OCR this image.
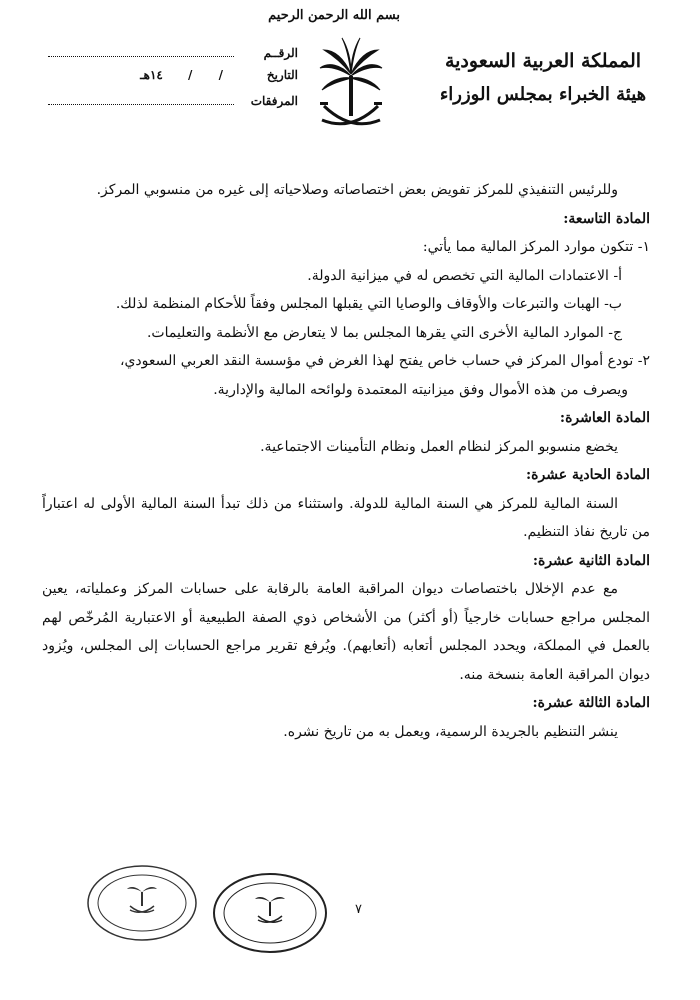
بسم الله الرحمن الرحيم
المملكة العربية السعودية
هيئة الخبراء بمجلس الوزراء
الرقــم
التاريخ
/ / ١٤هـ
المرفقات

وللرئيس التنفيذي للمركز تفويض بعض اختصاصاته وصلاحياته إلى غيره من منسوبي المركز.

المادة التاسعة:

١- تتكون موارد المركز المالية مما يأتي:

أ- الاعتمادات المالية التي تخصص له في ميزانية الدولة.

ب- الهبات والتبرعات والأوقاف والوصايا التي يقبلها المجلس وفقاً للأحكام المنظمة لذلك.

ج- الموارد المالية الأخرى التي يقرها المجلس بما لا يتعارض مع الأنظمة والتعليمات.

٢- تودع أموال المركز في حساب خاص يفتح لهذا الغرض في مؤسسة النقد العربي السعودي،

ويصرف من هذه الأموال وفق ميزانيته المعتمدة ولوائحه المالية والإدارية.

المادة العاشرة:

يخضع منسوبو المركز لنظام العمل ونظام التأمينات الاجتماعية.

المادة الحادية عشرة:

السنة المالية للمركز هي السنة المالية للدولة. واستثناء من ذلك تبدأ السنة المالية الأولى له اعتباراً من تاريخ نفاذ التنظيم.

المادة الثانية عشرة:

مع عدم الإخلال باختصاصات ديوان المراقبة العامة بالرقابة على حسابات المركز وعملياته، يعين المجلس مراجع حسابات خارجياً (أو أكثر) من الأشخاص ذوي الصفة الطبيعية أو الاعتبارية المُرخّص لهم بالعمل في المملكة، ويحدد المجلس أتعابه (أتعابهم). ويُرفع تقرير مراجع الحسابات إلى المجلس، ويُزود ديوان المراقبة العامة بنسخة منه.

المادة الثالثة عشرة:

ينشر التنظيم بالجريدة الرسمية، ويعمل به من تاريخ نشره.

٧
